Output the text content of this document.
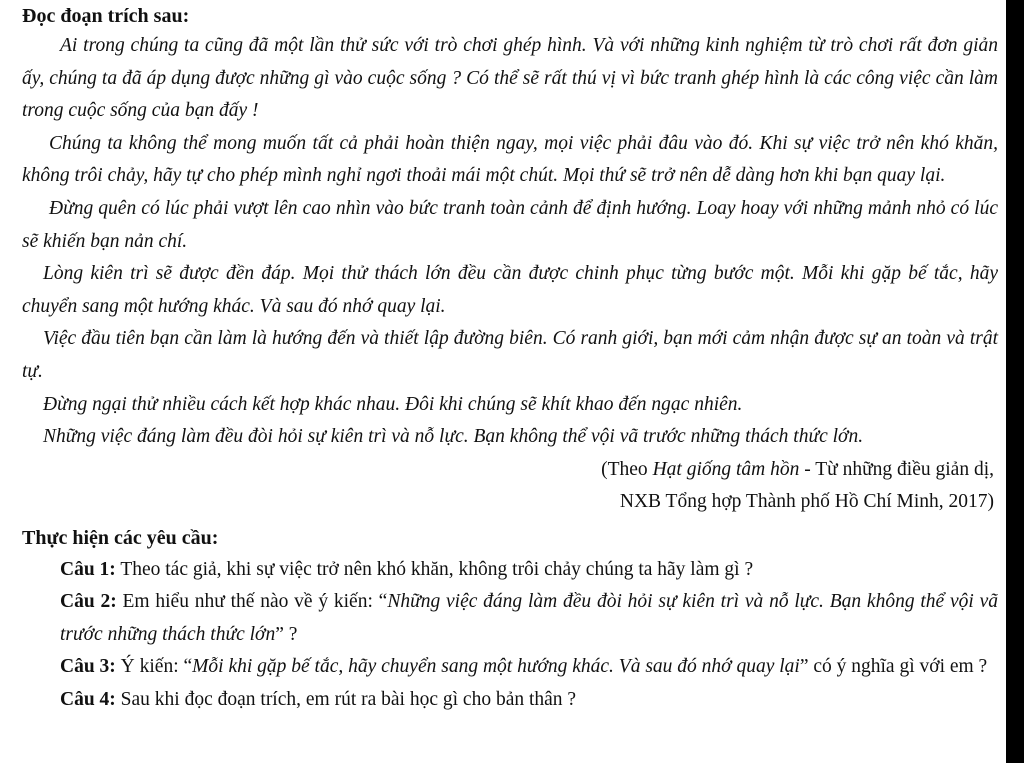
Đọc đoạn trích sau:

Ai trong chúng ta cũng đã một lần thử sức với trò chơi ghép hình. Và với những kinh nghiệm từ trò chơi rất đơn giản ấy, chúng ta đã áp dụng được những gì vào cuộc sống ? Có thể sẽ rất thú vị vì bức tranh ghép hình là các công việc cần làm trong cuộc sống của bạn đấy !

Chúng ta không thể mong muốn tất cả phải hoàn thiện ngay, mọi việc phải đâu vào đó. Khi sự việc trở nên khó khăn, không trôi chảy, hãy tự cho phép mình nghỉ ngơi thoải mái một chút. Mọi thứ sẽ trở nên dễ dàng hơn khi bạn quay lại.

Đừng quên có lúc phải vượt lên cao nhìn vào bức tranh toàn cảnh để định hướng. Loay hoay với những mảnh nhỏ có lúc sẽ khiến bạn nản chí.

Lòng kiên trì sẽ được đền đáp. Mọi thử thách lớn đều cần được chinh phục từng bước một. Mỗi khi gặp bế tắc, hãy chuyển sang một hướng khác. Và sau đó nhớ quay lại.

Việc đầu tiên bạn cần làm là hướng đến và thiết lập đường biên. Có ranh giới, bạn mới cảm nhận được sự an toàn và trật tự.

Đừng ngại thử nhiều cách kết hợp khác nhau. Đôi khi chúng sẽ khít khao đến ngạc nhiên.

Những việc đáng làm đều đòi hỏi sự kiên trì và nỗ lực. Bạn không thể vội vã trước những thách thức lớn.

(Theo Hạt giống tâm hồn - Từ những điều giản dị,

NXB Tổng hợp Thành phố Hồ Chí Minh, 2017)

Thực hiện các yêu cầu:

Câu 1: Theo tác giả, khi sự việc trở nên khó khăn, không trôi chảy chúng ta hãy làm gì ?

Câu 2: Em hiểu như thế nào về ý kiến: “Những việc đáng làm đều đòi hỏi sự kiên trì và nỗ lực. Bạn không thể vội vã trước những thách thức lớn” ?

Câu 3: Ý kiến: “Mỗi khi gặp bế tắc, hãy chuyển sang một hướng khác. Và sau đó nhớ quay lại” có ý nghĩa gì với em ?

Câu 4: Sau khi đọc đoạn trích, em rút ra bài học gì cho bản thân ?
